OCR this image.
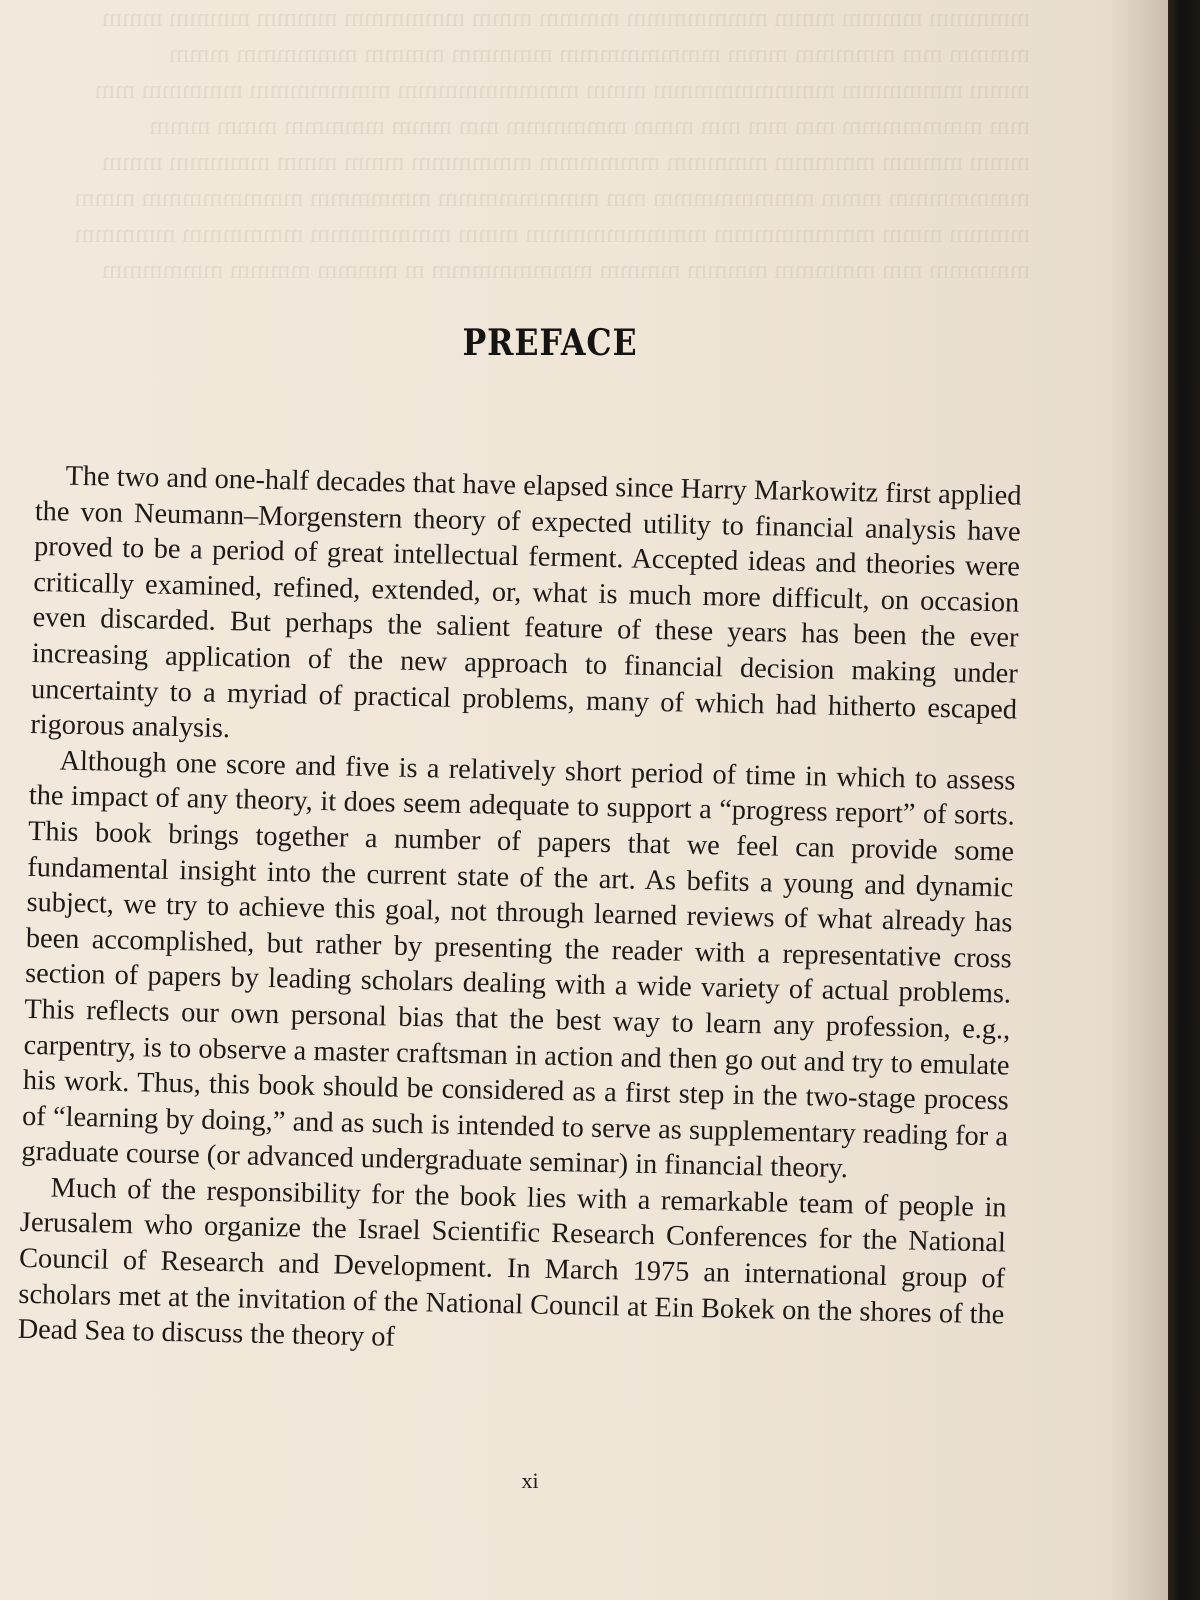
mmmmm mmmm mmm mmmmmmm mmmm mmm mmmmmm mmmm mmmm mmm
mmmm mm mmmmm mmm mmmmmmmm mmmmm mmmm mmmmmm mmm
mmm mmmmmm mmmmmmmmm mmm mmmmmmmmm mmmmmmm mmmmm mm
mm mmmmmmm mm mm mm mmm mmmmmm mm mmm mmmmm mmm mmm
mmm mmmm mmmmm mmmmm mmmmmm mmmmmm mmm mmm mmmmm mmm
mmmmmmm mmm mmmmmmmm mm mmmmmmmm mmmmmm mmmmmmmm mmm
mmmm mmm mmmmmmmm mmmmmmmmm mmm mmmmmmm mmmmmm mmmmm
mmmmm mm mmmmm mmmm mmmm mmmmmmmm m mmmm mmmm mmmmmm
PREFACE

The two and one-half decades that have elapsed since Harry Markowitz first applied the von Neumann–Morgenstern theory of expected utility to financial analysis have proved to be a period of great intellectual ferment. Accepted ideas and theories were critically examined, refined, extended, or, what is much more difficult, on occasion even discarded. But perhaps the salient feature of these years has been the ever increasing application of the new approach to financial decision making under uncertainty to a myriad of practical problems, many of which had hitherto escaped rigorous analysis.

Although one score and five is a relatively short period of time in which to assess the impact of any theory, it does seem adequate to support a “progress report” of sorts. This book brings together a number of papers that we feel can provide some fundamental insight into the current state of the art. As befits a young and dynamic subject, we try to achieve this goal, not through learned reviews of what already has been accomplished, but rather by presenting the reader with a representative cross section of papers by leading scholars dealing with a wide variety of actual problems. This reflects our own personal bias that the best way to learn any profession, e.g., carpentry, is to observe a master craftsman in action and then go out and try to emulate his work. Thus, this book should be considered as a first step in the two-stage process of “learning by doing,” and as such is intended to serve as supplementary reading for a graduate course (or advanced undergraduate seminar) in financial theory.

Much of the responsibility for the book lies with a remarkable team of people in Jerusalem who organize the Israel Scientific Research Conferences for the National Council of Research and Development. In March 1975 an international group of scholars met at the invitation of the National Council at Ein Bokek on the shores of the Dead Sea to discuss the theory of

xi
